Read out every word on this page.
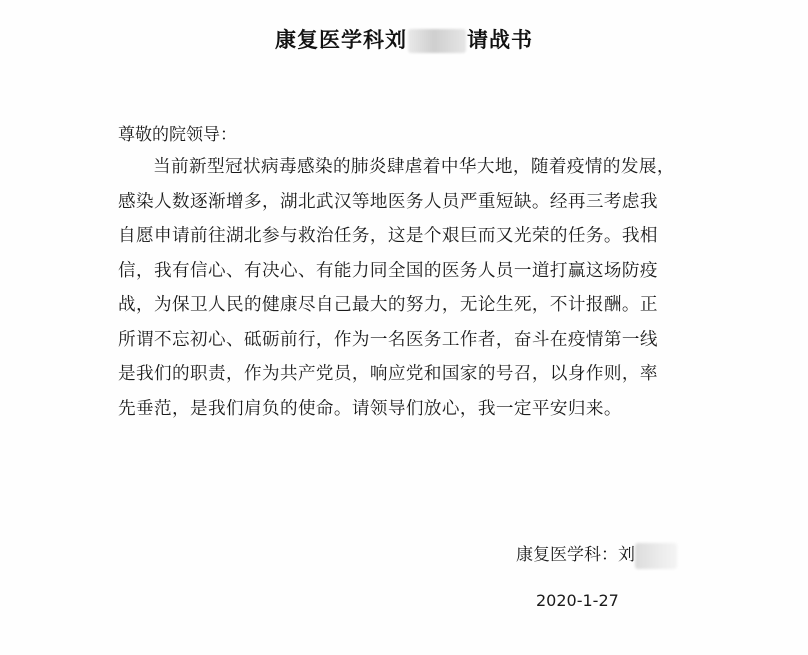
康复医学科刘	请战书
尊敬的院领导：
当前新型冠状病毒感染的肺炎肆虐着中华大地，随着疫情的发展，
感染人数逐渐增多，湖北武汉等地医务人员严重短缺。经再三考虑我
自愿申请前往湖北参与救治任务，这是个艰巨而又光荣的任务。我相
信，我有信心、有决心、有能力同全国的医务人员一道打赢这场防疫
战，为保卫人民的健康尽自己最大的努力，无论生死，不计报酬。正
所谓不忘初心、砥砺前行，作为一名医务工作者，奋斗在疫情第一线
是我们的职责，作为共产党员，响应党和国家的号召，以身作则，率
先垂范，是我们肩负的使命。请领导们放心，我一定平安归来。
康复医学科：刘
2020-1-27
